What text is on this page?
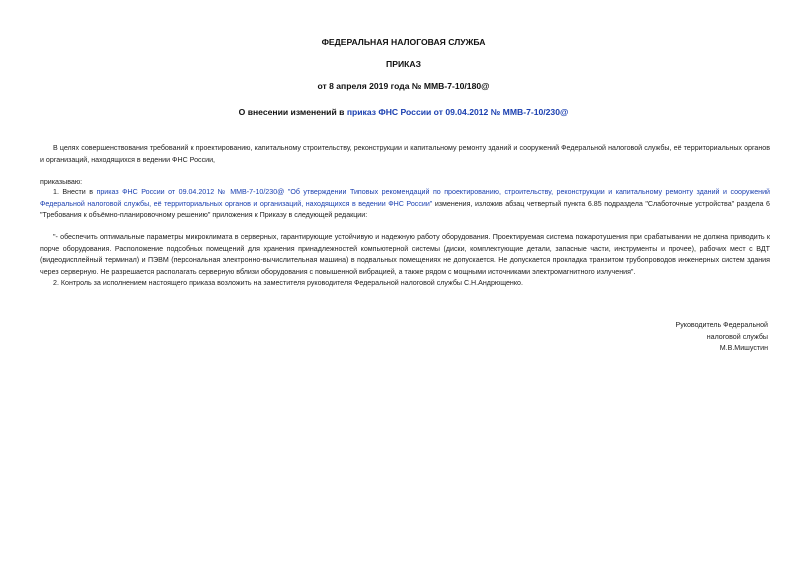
ФЕДЕРАЛЬНАЯ НАЛОГОВАЯ СЛУЖБА
ПРИКАЗ
от 8 апреля 2019 года № ММВ-7-10/180@
О внесении изменений в приказ ФНС России от 09.04.2012 № ММВ-7-10/230@
В целях совершенствования требований к проектированию, капитальному строительству, реконструкции и капитальному ремонту зданий и сооружений Федеральной налоговой службы, её территориальных органов и организаций, находящихся в ведении ФНС России,
приказываю:
1. Внести в приказ ФНС России от 09.04.2012 № ММВ-7-10/230@ "Об утверждении Типовых рекомендаций по проектированию, строительству, реконструкции и капитальному ремонту зданий и сооружений Федеральной налоговой службы, её территориальных органов и организаций, находящихся в ведении ФНС России" изменения, изложив абзац четвертый пункта 6.85 подраздела "Слаботочные устройства" раздела 6 "Требования к объёмно-планировочному решению" приложения к Приказу в следующей редакции:
"- обеспечить оптимальные параметры микроклимата в серверных, гарантирующие устойчивую и надежную работу оборудования. Проектируемая система пожаротушения при срабатывании не должна приводить к порче оборудования. Расположение подсобных помещений для хранения принадлежностей компьютерной системы (диски, комплектующие детали, запасные части, инструменты и прочее), рабочих мест с ВДТ (видеодисплейный терминал) и ПЭВМ (персональная электронно-вычислительная машина) в подвальных помещениях не допускается. Не допускается прокладка транзитом трубопроводов инженерных систем здания через серверную. Не разрешается располагать серверную вблизи оборудования с повышенной вибрацией, а также рядом с мощными источниками электромагнитного излучения".
2. Контроль за исполнением настоящего приказа возложить на заместителя руководителя Федеральной налоговой службы С.Н.Андрющенко.
Руководитель Федеральной
налоговой службы
М.В.Мишустин
